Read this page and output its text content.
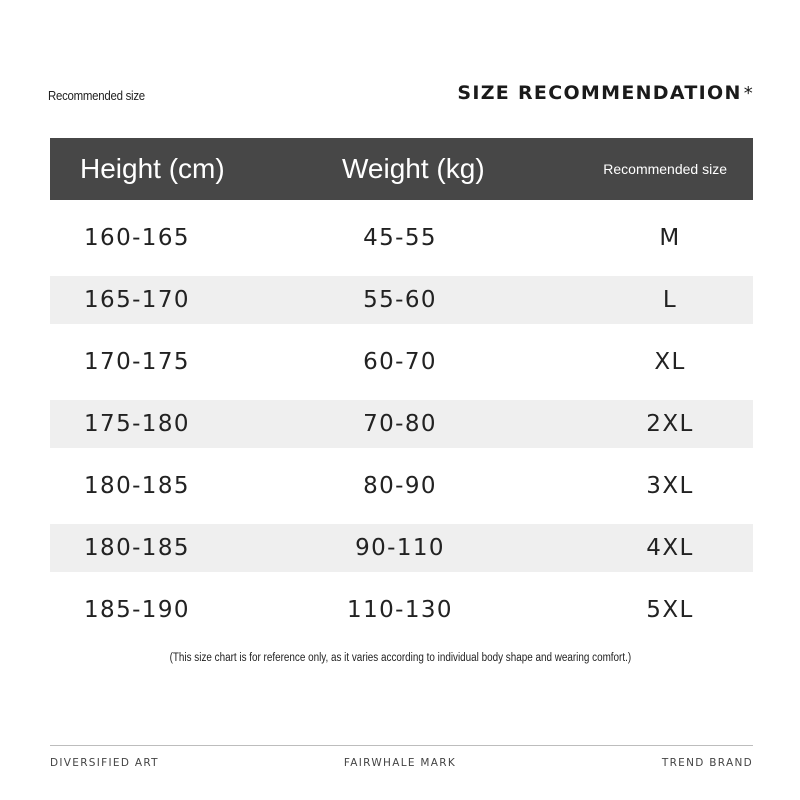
Recommended size	SIZE RECOMMENDATION *
Height (cm)	Weight (kg)	Recommended size
160-165	45-55	M
165-170	55-60	L
170-175	60-70	XL
175-180	70-80	2XL
180-185	80-90	3XL
180-185	90-110	4XL
185-190	110-130	5XL
(This size chart is for reference only, as it varies according to individual body shape and wearing comfort.)
DIVERSIFIED ART	FAIRWHALE MARK	TREND BRAND
